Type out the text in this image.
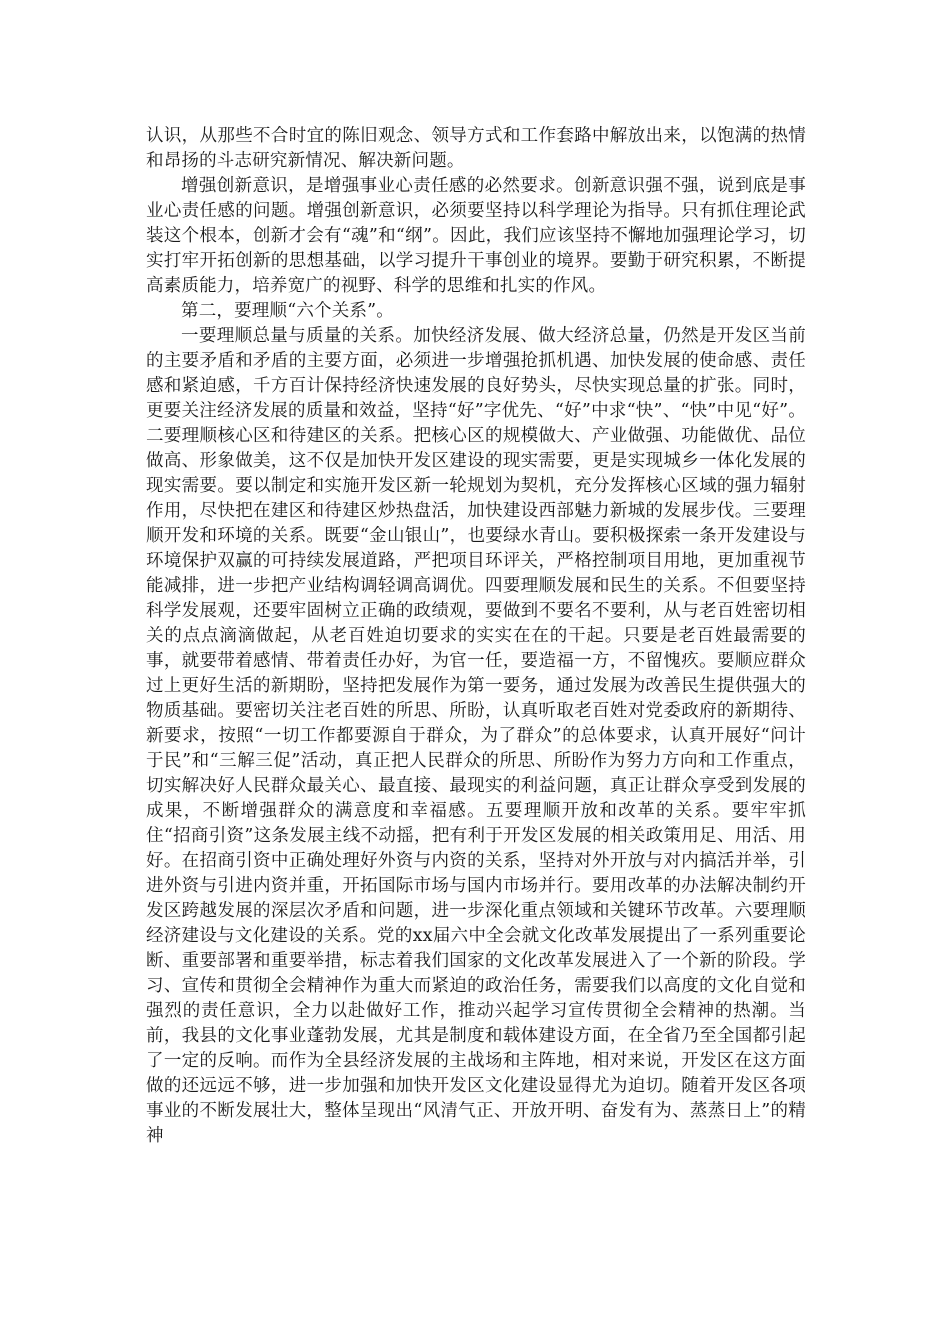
认识，从那些不合时宜的陈旧观念、领导方式和工作套路中解放出来，以饱满的热情和昂扬的斗志研究新情况、解决新问题。

增强创新意识，是增强事业心责任感的必然要求。创新意识强不强，说到底是事业心责任感的问题。增强创新意识，必须要坚持以科学理论为指导。只有抓住理论武装这个根本，创新才会有“魂”和“纲”。因此，我们应该坚持不懈地加强理论学习，切实打牢开拓创新的思想基础，以学习提升干事创业的境界。要勤于研究积累，不断提高素质能力，培养宽广的视野、科学的思维和扎实的作风。

第二，要理顺“六个关系”。

一要理顺总量与质量的关系。加快经济发展、做大经济总量，仍然是开发区当前的主要矛盾和矛盾的主要方面，必须进一步增强抢抓机遇、加快发展的使命感、责任感和紧迫感，千方百计保持经济快速发展的良好势头，尽快实现总量的扩张。同时，更要关注经济发展的质量和效益，坚持“好”字优先、“好”中求“快”、“快”中见“好”。二要理顺核心区和待建区的关系。把核心区的规模做大、产业做强、功能做优、品位做高、形象做美，这不仅是加快开发区建设的现实需要，更是实现城乡一体化发展的现实需要。要以制定和实施开发区新一轮规划为契机，充分发挥核心区域的强力辐射作用，尽快把在建区和待建区炒热盘活，加快建设西部魅力新城的发展步伐。三要理顺开发和环境的关系。既要“金山银山”，也要绿水青山。要积极探索一条开发建设与环境保护双赢的可持续发展道路，严把项目环评关，严格控制项目用地，更加重视节能减排，进一步把产业结构调轻调高调优。四要理顺发展和民生的关系。不但要坚持科学发展观，还要牢固树立正确的政绩观，要做到不要名不要利，从与老百姓密切相关的点点滴滴做起，从老百姓迫切要求的实实在在的干起。只要是老百姓最需要的事，就要带着感情、带着责任办好，为官一任，要造福一方，不留愧疚。要顺应群众过上更好生活的新期盼，坚持把发展作为第一要务，通过发展为改善民生提供强大的物质基础。要密切关注老百姓的所思、所盼，认真听取老百姓对党委政府的新期待、新要求，按照“一切工作都要源自于群众，为了群众”的总体要求，认真开展好“问计于民”和“三解三促”活动，真正把人民群众的所思、所盼作为努力方向和工作重点，切实解决好人民群众最关心、最直接、最现实的利益问题，真正让群众享受到发展的成果，不断增强群众的满意度和幸福感。五要理顺开放和改革的关系。要牢牢抓住“招商引资”这条发展主线不动摇，把有利于开发区发展的相关政策用足、用活、用好。在招商引资中正确处理好外资与内资的关系，坚持对外开放与对内搞活并举，引进外资与引进内资并重，开拓国际市场与国内市场并行。要用改革的办法解决制约开发区跨越发展的深层次矛盾和问题，进一步深化重点领域和关键环节改革。六要理顺经济建设与文化建设的关系。党的xx届六中全会就文化改革发展提出了一系列重要论断、重要部署和重要举措，标志着我们国家的文化改革发展进入了一个新的阶段。学习、宣传和贯彻全会精神作为重大而紧迫的政治任务，需要我们以高度的文化自觉和强烈的责任意识，全力以赴做好工作，推动兴起学习宣传贯彻全会精神的热潮。当前，我县的文化事业蓬勃发展，尤其是制度和载体建设方面，在全省乃至全国都引起了一定的反响。而作为全县经济发展的主战场和主阵地，相对来说，开发区在这方面做的还远远不够，进一步加强和加快开发区文化建设显得尤为迫切。随着开发区各项事业的不断发展壮大，整体呈现出“风清气正、开放开明、奋发有为、蒸蒸日上”的精神
